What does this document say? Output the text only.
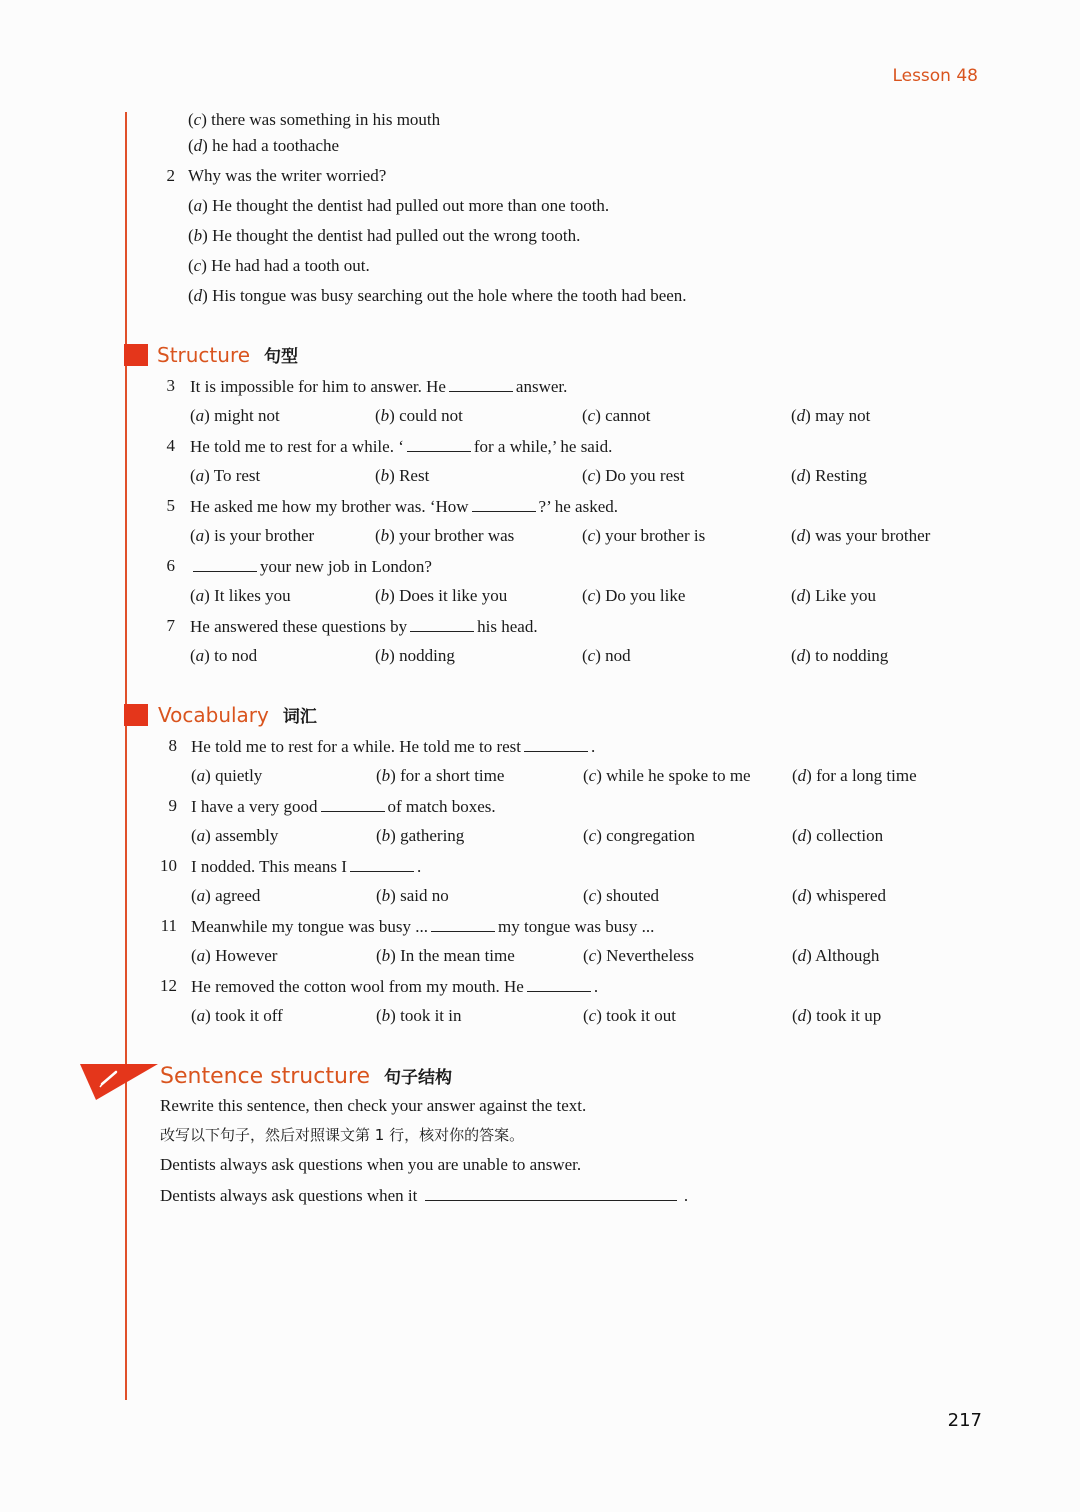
Lesson 48
(c) there was something in his mouth
(d) he had a toothache
2 Why was the writer worried?
(a) He thought the dentist had pulled out more than one tooth.
(b) He thought the dentist had pulled out the wrong tooth.
(c) He had had a tooth out.
(d) His tongue was busy searching out the hole where the tooth had been.
Structure 句型
3 It is impossible for him to answer. He	answer.
(a) might not	(b) could not	(c) cannot	(d) may not
4 He told me to rest for a while. ‘	for a while,’ he said.
(a) To rest	(b) Rest	(c) Do you rest	(d) Resting
5 He asked me how my brother was. ‘How	?’ he asked.
(a) is your brother	(b) your brother was	(c) your brother is	(d) was your brother
6	your new job in London?
(a) It likes you	(b) Does it like you	(c) Do you like	(d) Like you
7 He answered these questions by	his head.
(a) to nod	(b) nodding	(c) nod	(d) to nodding
Vocabulary 词汇
8 He told me to rest for a while. He told me to rest	.
(a) quietly	(b) for a short time	(c) while he spoke to me (d) for a long time
9 I have a very good	of match boxes.
(a) assembly	(b) gathering	(c) congregation	(d) collection
10 I nodded. This means I	.
(a) agreed	(b) said no	(c) shouted	(d) whispered
11 Meanwhile my tongue was busy ...	my tongue was busy ...
(a) However	(b) In the mean time	(c) Nevertheless	(d) Although
12 He removed the cotton wool from my mouth. He	.
(a) took it off	(b) took it in	(c) took it out	(d) took it up
Sentence structure 句子结构
Rewrite this sentence, then check your answer against the text.
改写以下句子，然后对照课文第 1 行，核对你的答案。
Dentists always ask questions when you are unable to answer.
Dentists always ask questions when it	.
217
